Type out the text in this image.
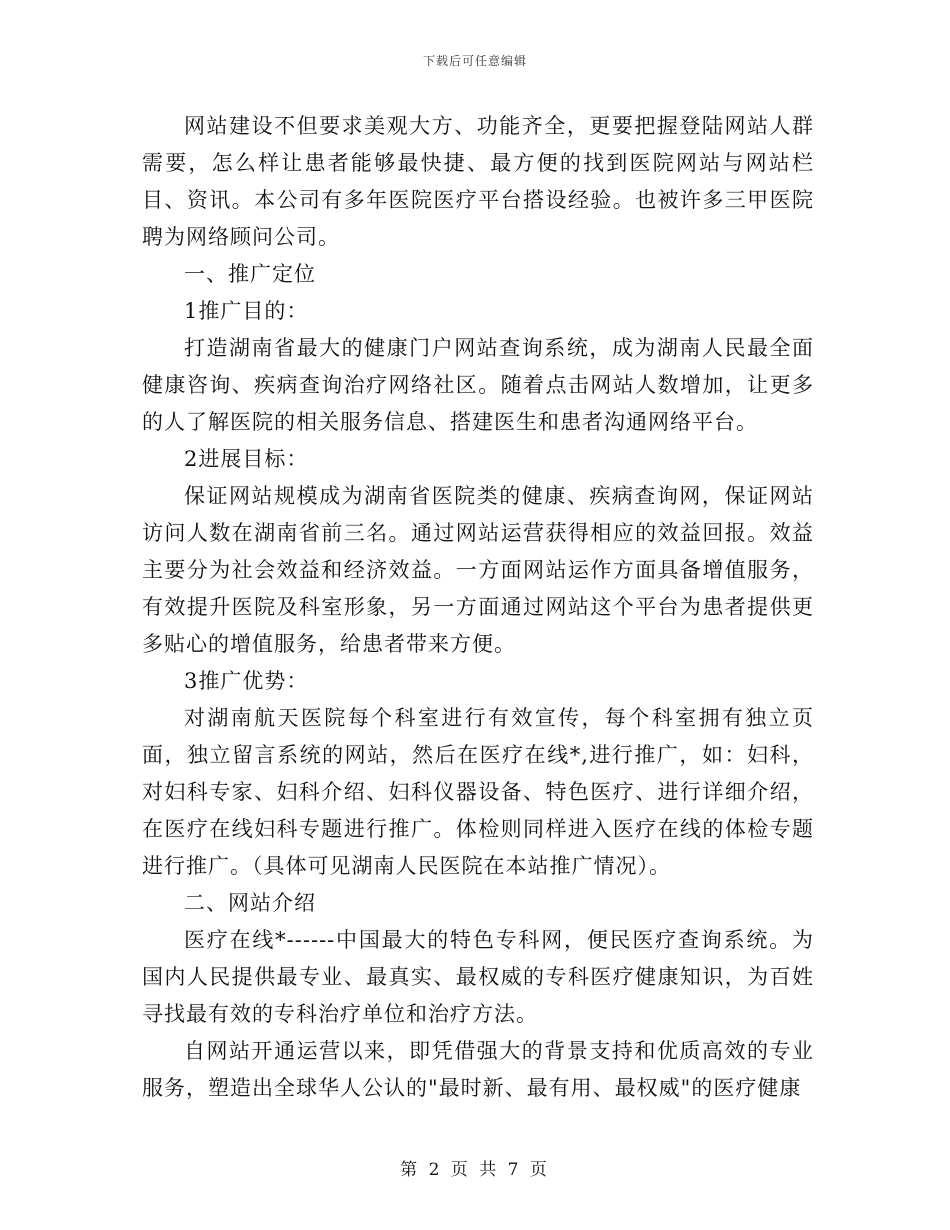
下载后可任意编辑

网站建设不但要求美观大方、功能齐全，更要把握登陆网站人群需要，怎么样让患者能够最快捷、最方便的找到医院网站与网站栏目、资讯。本公司有多年医院医疗平台搭设经验。也被许多三甲医院聘为网络顾问公司。

一、推广定位

1推广目的：

打造湖南省最大的健康门户网站查询系统，成为湖南人民最全面健康咨询、疾病查询治疗网络社区。随着点击网站人数增加，让更多的人了解医院的相关服务信息、搭建医生和患者沟通网络平台。

2进展目标：

保证网站规模成为湖南省医院类的健康、疾病查询网，保证网站访问人数在湖南省前三名。通过网站运营获得相应的效益回报。效益主要分为社会效益和经济效益。一方面网站运作方面具备增值服务，有效提升医院及科室形象，另一方面通过网站这个平台为患者提供更多贴心的增值服务，给患者带来方便。

3推广优势：

对湖南航天医院每个科室进行有效宣传，每个科室拥有独立页面，独立留言系统的网站，然后在医疗在线*,进行推广，如：妇科，对妇科专家、妇科介绍、妇科仪器设备、特色医疗、进行详细介绍，在医疗在线妇科专题进行推广。体检则同样进入医疗在线的体检专题进行推广。（具体可见湖南人民医院在本站推广情况）。

二、网站介绍

医疗在线*------中国最大的特色专科网，便民医疗查询系统。为国内人民提供最专业、最真实、最权威的专科医疗健康知识，为百姓寻找最有效的专科治疗单位和治疗方法。

自网站开通运营以来，即凭借强大的背景支持和优质高效的专业服务，塑造出全球华人公认的"最时新、最有用、最权威"的医疗健康

第 2 页 共 7 页
